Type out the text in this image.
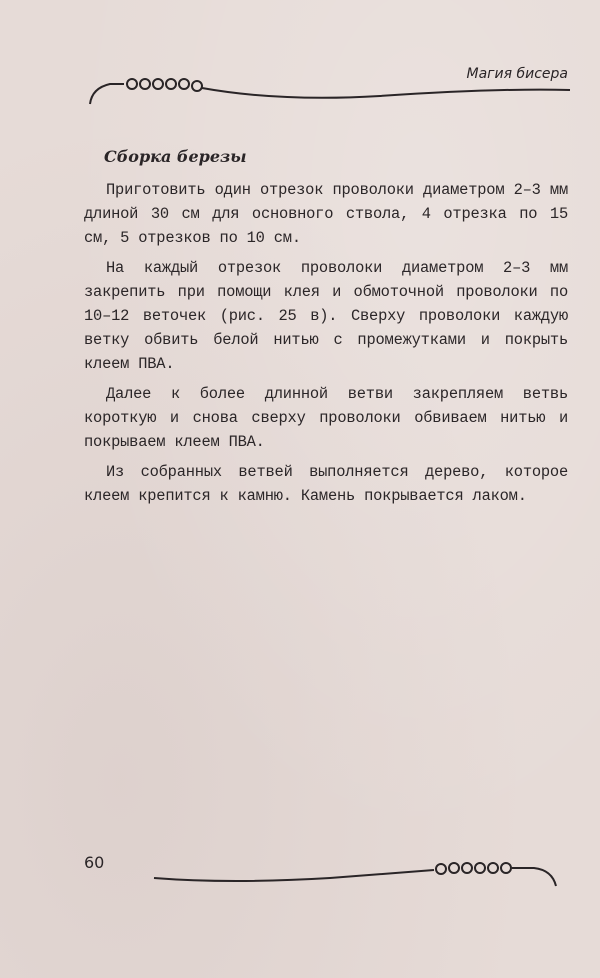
Магия бисера
Сборка березы

Приготовить один отрезок проволоки диаметром 2–3 мм длиной 30 см для основного ствола, 4 отрезка по 15 см, 5 отрезков по 10 см.

На каждый отрезок проволоки диаметром 2–3 мм закрепить при помощи клея и обмоточной проволоки по 10–12 веточек (рис. 25 в). Сверху проволоки каждую ветку обвить белой нитью с промежутками и покрыть клеем ПВА.

Далее к более длинной ветви закрепляем ветвь короткую и снова сверху проволоки обвиваем нитью и покрываем клеем ПВА.

Из собранных ветвей выполняется дерево, которое клеем крепится к камню. Камень покрывается лаком.

60
